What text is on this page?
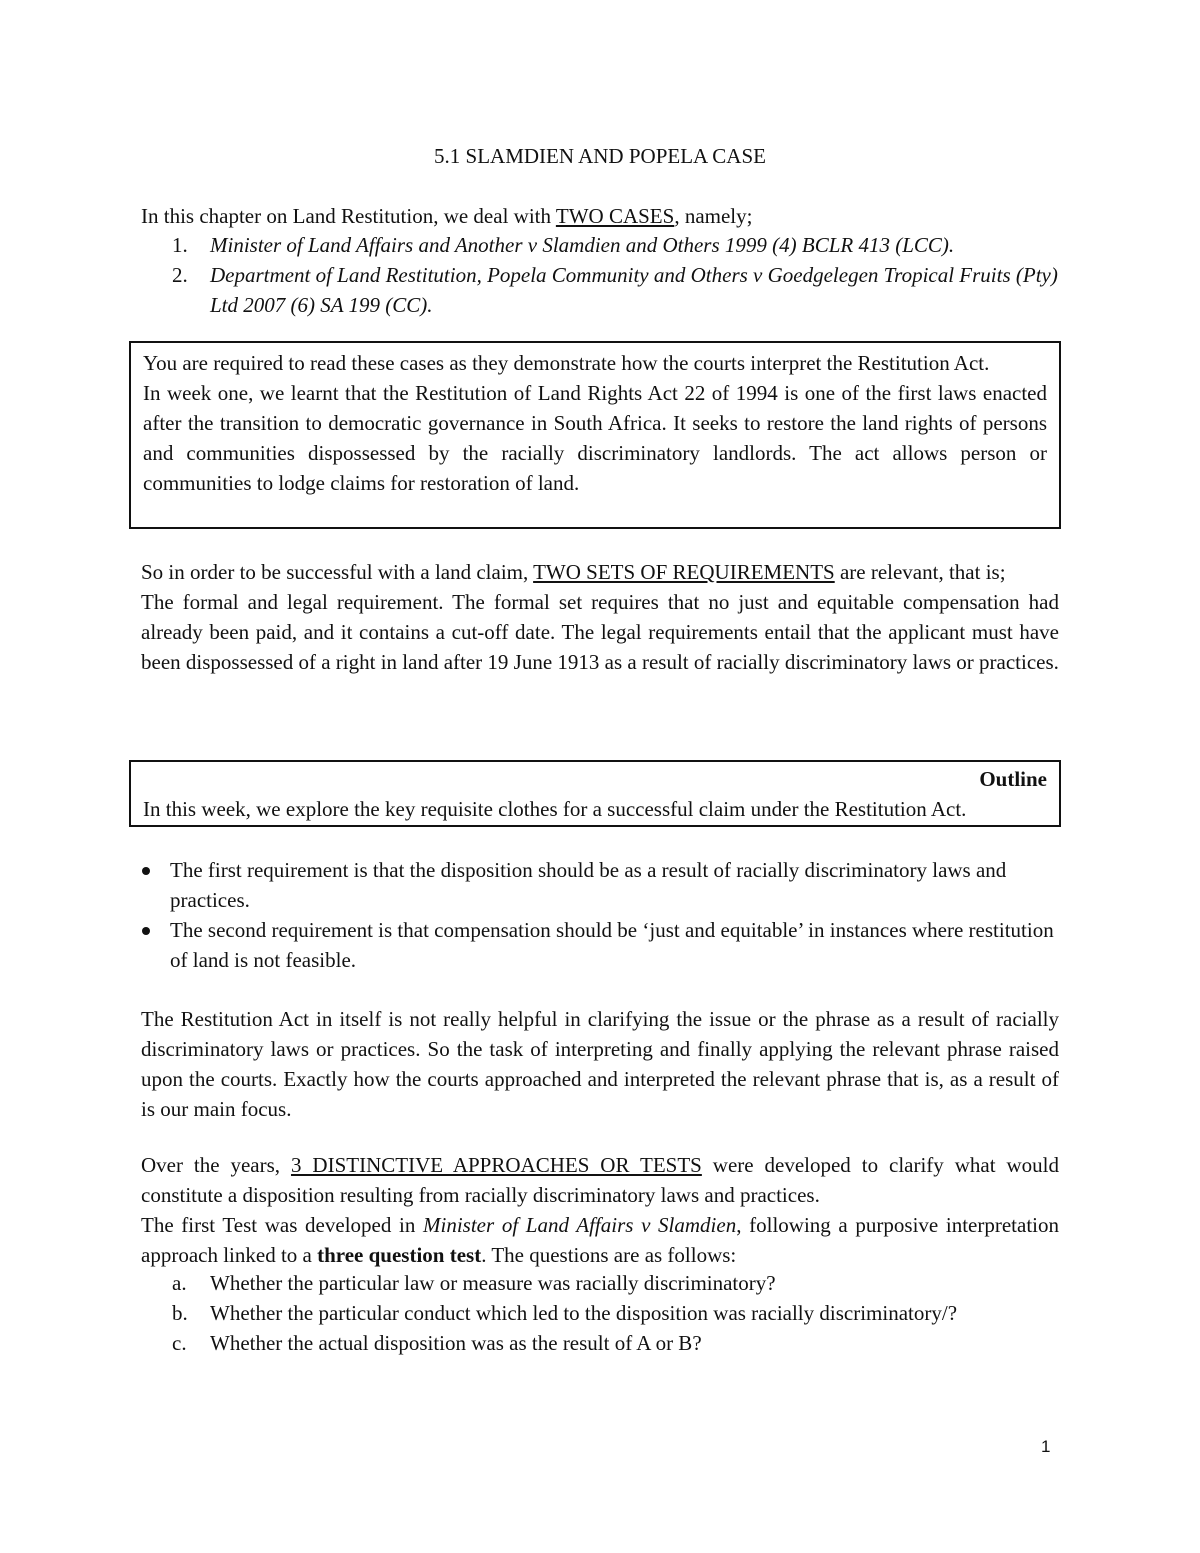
5.1 SLAMDIEN AND POPELA CASE

In this chapter on Land Restitution, we deal with TWO CASES, namely;

1. Minister of Land Affairs and Another v Slamdien and Others 1999 (4) BCLR 413 (LCC).
2. Department of Land Restitution, Popela Community and Others v Goedgelegen Tropical Fruits (Pty) Ltd 2007 (6) SA 199 (CC).

You are required to read these cases as they demonstrate how the courts interpret the Restitution Act.

In week one, we learnt that the Restitution of Land Rights Act 22 of 1994 is one of the first laws enacted after the transition to democratic governance in South Africa. It seeks to restore the land rights of persons and communities dispossessed by the racially discriminatory landlords. The act allows person or communities to lodge claims for restoration of land.

So in order to be successful with a land claim, TWO SETS OF REQUIREMENTS are relevant, that is;

The formal and legal requirement. The formal set requires that no just and equitable compensation had already been paid, and it contains a cut-off date. The legal requirements entail that the applicant must have been dispossessed of a right in land after 19 June 1913 as a result of racially discriminatory laws or practices.

Outline

In this week, we explore the key requisite clothes for a successful claim under the Restitution Act.

The first requirement is that the disposition should be as a result of racially discriminatory laws and practices.
The second requirement is that compensation should be ‘just and equitable’ in instances where restitution of land is not feasible.

The Restitution Act in itself is not really helpful in clarifying the issue or the phrase as a result of racially discriminatory laws or practices. So the task of interpreting and finally applying the relevant phrase raised upon the courts. Exactly how the courts approached and interpreted the relevant phrase that is, as a result of is our main focus.

Over the years, 3 DISTINCTIVE APPROACHES OR TESTS were developed to clarify what would constitute a disposition resulting from racially discriminatory laws and practices.

The first Test was developed in Minister of Land Affairs v Slamdien, following a purposive interpretation approach linked to a three question test. The questions are as follows:

a. Whether the particular law or measure was racially discriminatory?
b. Whether the particular conduct which led to the disposition was racially discriminatory/?
c. Whether the actual disposition was as the result of A or B?
1
